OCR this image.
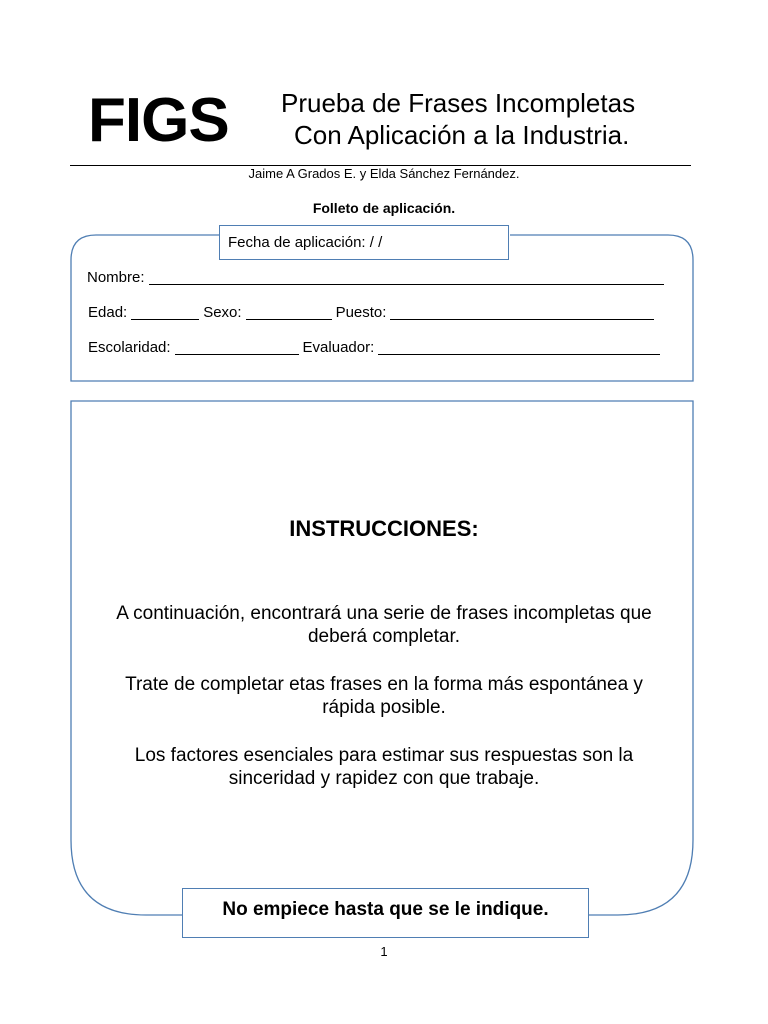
FIGS Prueba de Frases Incompletas
Con Aplicación a la Industria.
Jaime A Grados E. y Elda Sánchez Fernández.
Folleto de aplicación.
Fecha de aplicación: / /
Nombre:
Edad:	Sexo:	Puesto:
Escolaridad:	Evaluador:
INSTRUCCIONES:
A continuación, encontrará una serie de frases incompletas que deberá completar.
Trate de completar etas frases en la forma más espontánea y rápida posible.
Los factores esenciales para estimar sus respuestas son la sinceridad y rapidez con que trabaje.
No empiece hasta que se le indique.
1
